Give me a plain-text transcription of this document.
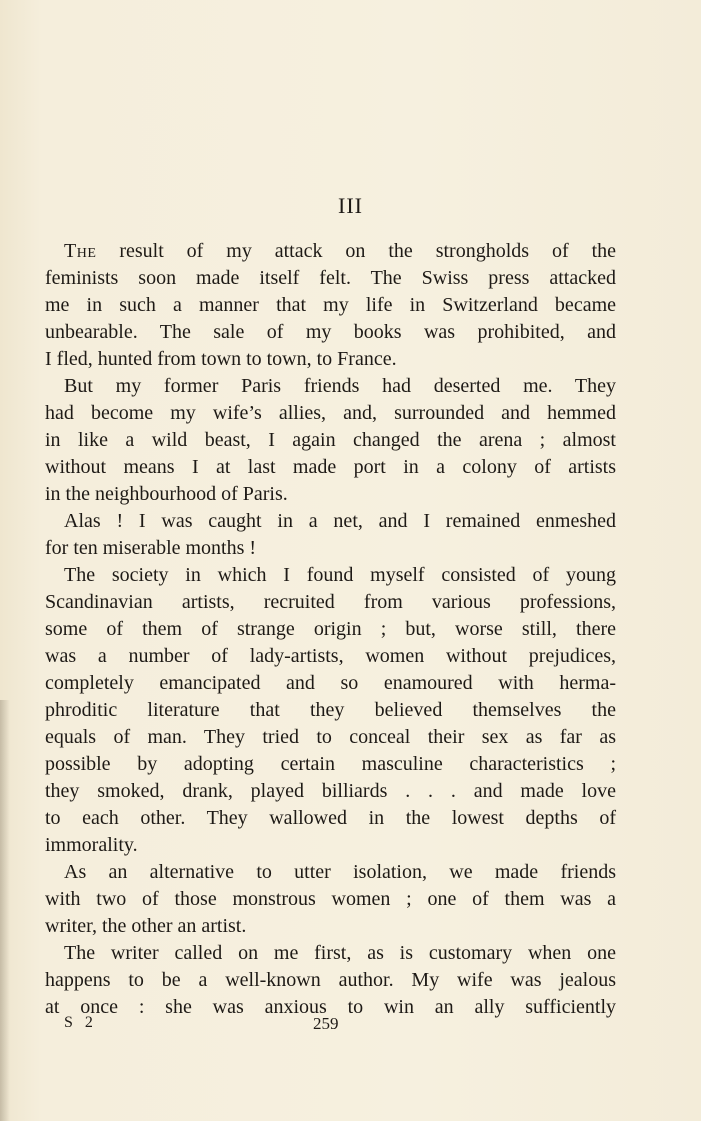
III
The result of my attack on the strongholds of the
feminists soon made itself felt. The Swiss press attacked
me in such a manner that my life in Switzerland became
unbearable. The sale of my books was prohibited, and
I fled, hunted from town to town, to France.
But my former Paris friends had deserted me. They
had become my wife’s allies, and, surrounded and hemmed
in like a wild beast, I again changed the arena ; almost
without means I at last made port in a colony of artists
in the neighbourhood of Paris.
Alas ! I was caught in a net, and I remained enmeshed
for ten miserable months !
The society in which I found myself consisted of young
Scandinavian artists, recruited from various professions,
some of them of strange origin ; but, worse still, there
was a number of lady-artists, women without prejudices,
completely emancipated and so enamoured with herma-
phroditic literature that they believed themselves the
equals of man. They tried to conceal their sex as far as
possible by adopting certain masculine characteristics ;
they smoked, drank, played billiards . . . and made love
to each other. They wallowed in the lowest depths of
immorality.
As an alternative to utter isolation, we made friends
with two of those monstrous women ; one of them was a
writer, the other an artist.
The writer called on me first, as is customary when one
happens to be a well-known author. My wife was jealous
at once : she was anxious to win an ally sufficiently
S 2	259
